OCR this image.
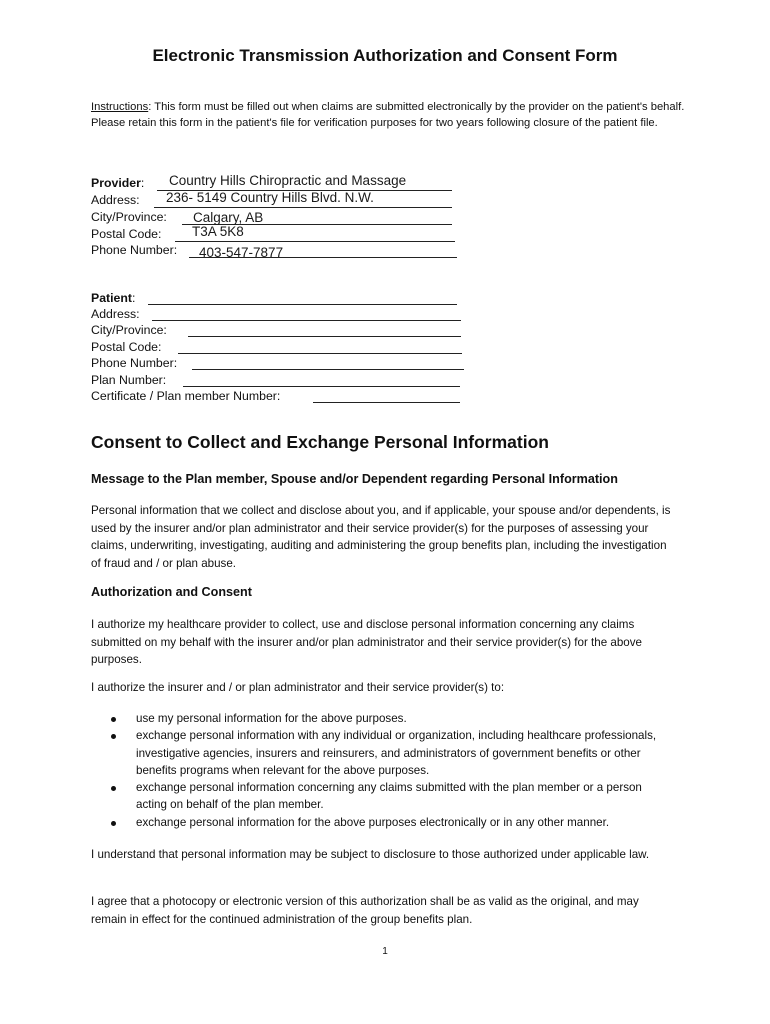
Electronic Transmission Authorization and Consent Form
Instructions: This form must be filled out when claims are submitted electronically by the provider on the patient's behalf. Please retain this form in the patient's file for verification purposes for two years following closure of the patient file.
Provider: Country Hills Chiropractic and Massage
Address: 236- 5149 Country Hills Blvd. N.W.
City/Province: Calgary, AB
Postal Code: T3A 5K8
Phone Number: 403-547-7877
Patient:
Address:
City/Province:
Postal Code:
Phone Number:
Plan Number:
Certificate / Plan member Number:
Consent to Collect and Exchange Personal Information
Message to the Plan member, Spouse and/or Dependent regarding Personal Information
Personal information that we collect and disclose about you, and if applicable, your spouse and/or dependents, is used by the insurer and/or plan administrator and their service provider(s) for the purposes of assessing your claims, underwriting, investigating, auditing and administering the group benefits plan, including the investigation of fraud and / or plan abuse.
Authorization and Consent
I authorize my healthcare provider to collect, use and disclose personal information concerning any claims submitted on my behalf with the insurer and/or plan administrator and their service provider(s) for the above purposes.
I authorize the insurer and / or plan administrator and their service provider(s) to:
use my personal information for the above purposes.
exchange personal information with any individual or organization, including healthcare professionals, investigative agencies, insurers and reinsurers, and administrators of government benefits or other benefits programs when relevant for the above purposes.
exchange personal information concerning any claims submitted with the plan member or a person acting on behalf of the plan member.
exchange personal information for the above purposes electronically or in any other manner.
I understand that personal information may be subject to disclosure to those authorized under applicable law.
I agree that a photocopy or electronic version of this authorization shall be as valid as the original, and may remain in effect for the continued administration of the group benefits plan.
1
